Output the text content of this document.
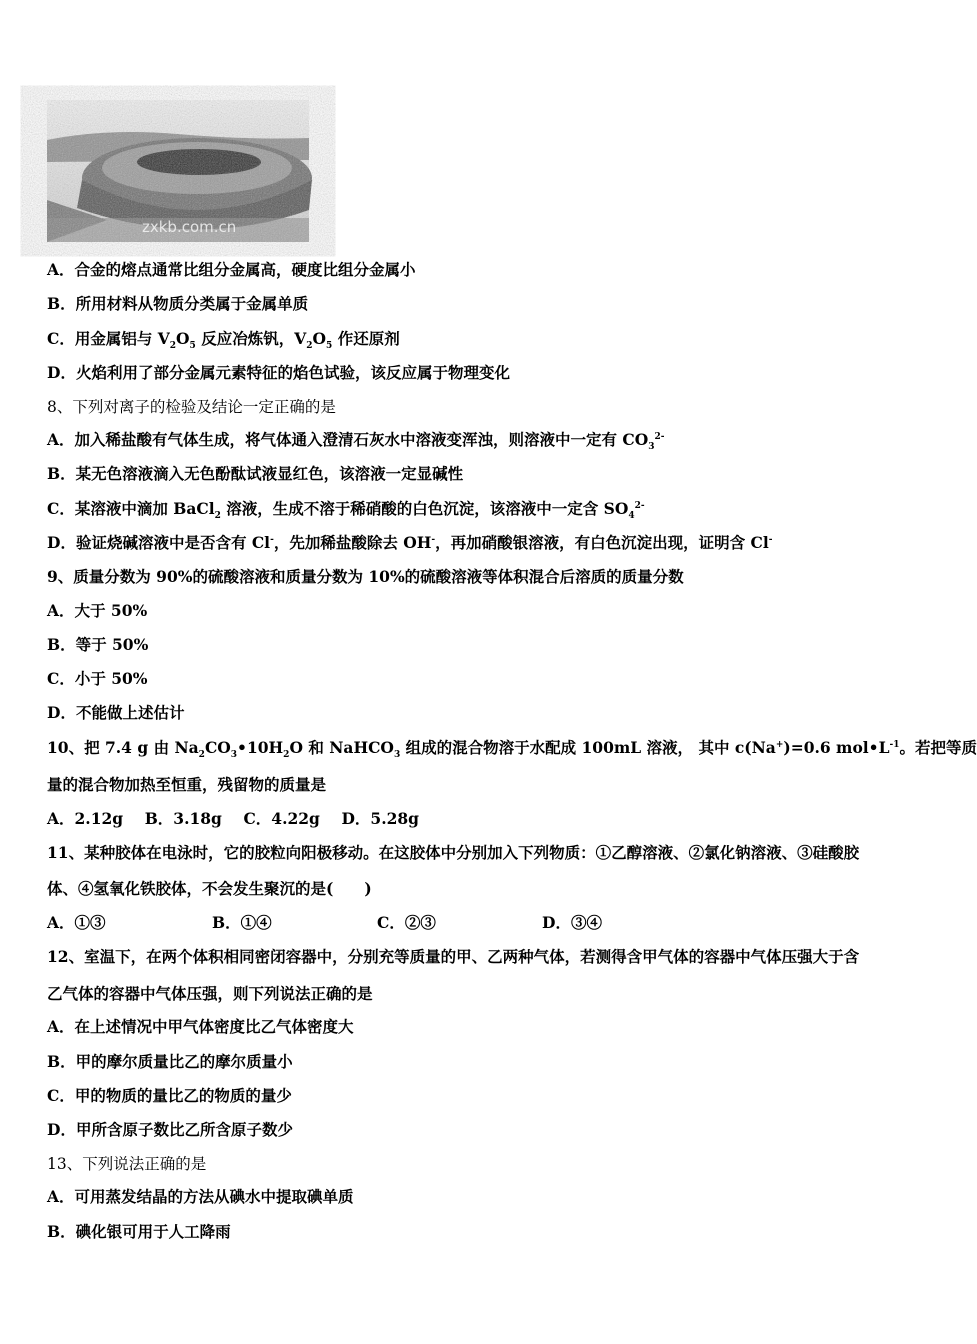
zxkb.com.cn
A．合金的熔点通常比组分金属高，硬度比组分金属小
B．所用材料从物质分类属于金属单质
C．用金属铝与 $V_2O_5$ 反应冶炼钒，$V_2O_5$ 作还原剂
D．火焰利用了部分金属元素特征的焰色试验，该反应属于物理变化
8、下列对离子的检验及结论一定正确的是
A．加入稀盐酸有气体生成，将气体通入澄清石灰水中溶液变浑浊，则溶液中一定有 $CO_3^{2-}$
B．某无色溶液滴入无色酚酞试液显红色，该溶液一定显碱性
C．某溶液中滴加 BaCl$_2$ 溶液，生成不溶于稀硝酸的白色沉淀，该溶液中一定含 $SO_4^{2-}$
D．验证烧碱溶液中是否含有 Cl-，先加稀盐酸除去 OH-，再加硝酸银溶液，有白色沉淀出现，证明含 Cl-
9、质量分数为 90%的硫酸溶液和质量分数为 10%的硫酸溶液等体积混合后溶质的质量分数
A．大于 50%
B．等于 50%
C．小于 50%
D．不能做上述估计
10、把 7.4 g 由 $Na_2CO_3•10H_2O$ 和 NaHCO$_3$ 组成的混合物溶于水配成 100mL 溶液， 其中 c(Na+)=0.6 $mol•L^{-1}$。若把等质
量的混合物加热至恒重，残留物的质量是
A．2.12g    B．3.18g    C．4.22g    D．5.28g
11、某种胶体在电泳时，它的胶粒向阳极移动。在这胶体中分别加入下列物质：①乙醇溶液、②氯化钠溶液、③硅酸胶
体、④氢氧化铁胶体，不会发生聚沉的是(　　)
A．①③	B．①④	C．②③	D．③④
12、室温下，在两个体积相同密闭容器中，分别充等质量的甲、乙两种气体，若测得含甲气体的容器中气体压强大于含
乙气体的容器中气体压强，则下列说法正确的是
A．在上述情况中甲气体密度比乙气体密度大
B．甲的摩尔质量比乙的摩尔质量小
C．甲的物质的量比乙的物质的量少
D．甲所含原子数比乙所含原子数少
13、下列说法正确的是
A．可用蒸发结晶的方法从碘水中提取碘单质
B．碘化银可用于人工降雨
